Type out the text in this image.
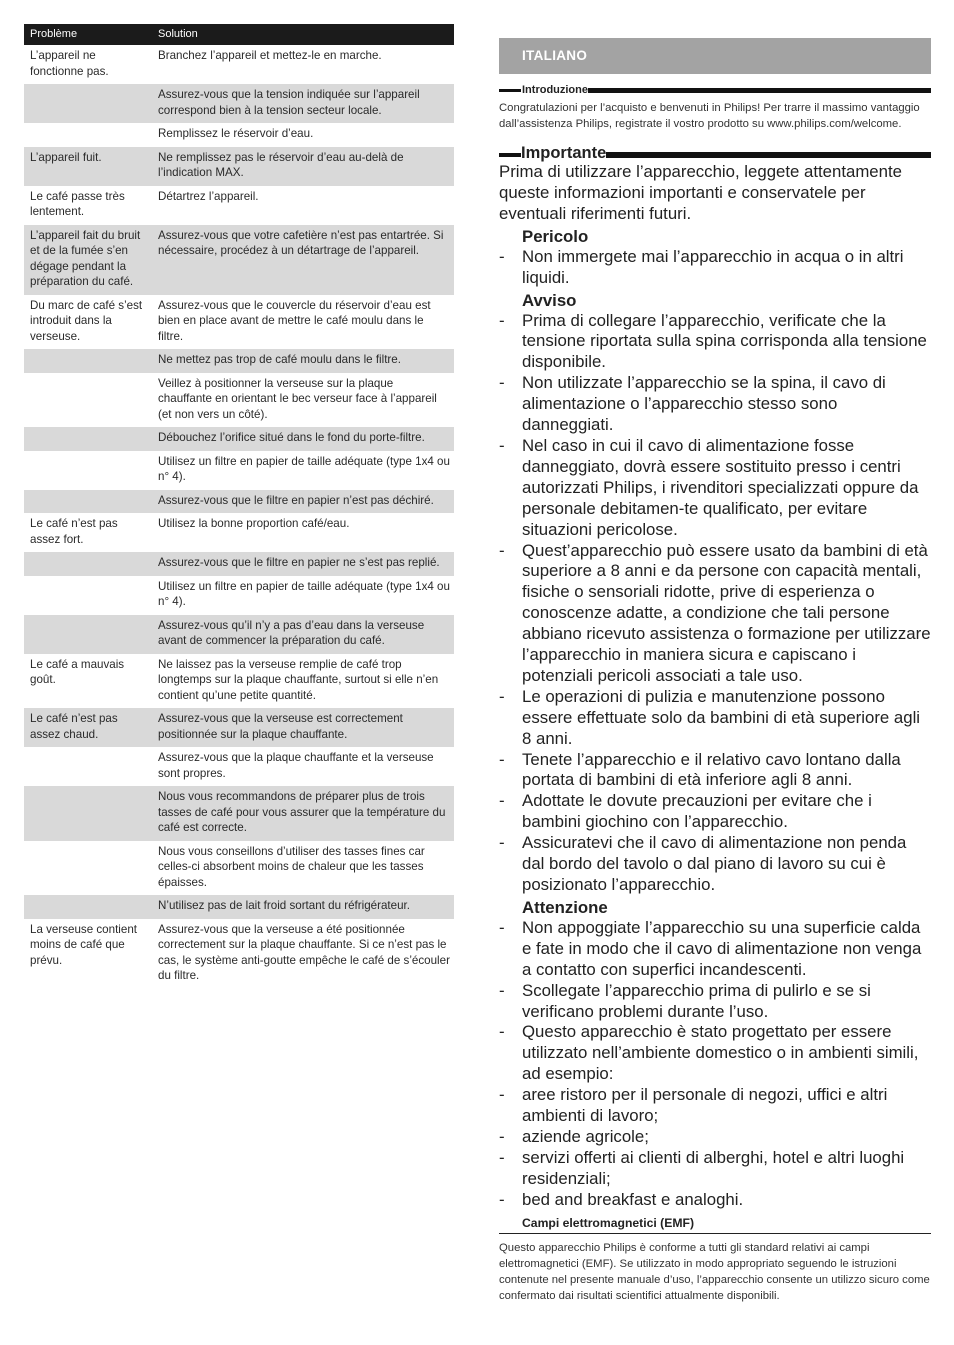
Problème	Solution
L’appareil ne fonctionne pas.	Branchez l’appareil et mettez-le en marche.
	Assurez-vous que la tension indiquée sur l’appareil correspond bien à la tension secteur locale.
	Remplissez le réservoir d’eau.
L’appareil fuit.	Ne remplissez pas le réservoir d’eau au-delà de l’indication MAX.
Le café passe très lentement.	Détartrez l’appareil.
L’appareil fait du bruit et de la fumée s’en dégage pendant la préparation du café.	Assurez-vous que votre cafetière n’est pas entartrée. Si nécessaire, procédez à un détartrage de l’appareil.
Du marc de café s’est introduit dans la verseuse.	Assurez-vous que le couvercle du réservoir d’eau est bien en place avant de mettre le café moulu dans le filtre.
	Ne mettez pas trop de café moulu dans le filtre.
	Veillez à positionner la verseuse sur la plaque chauffante en orientant le bec verseur face à l’appareil (et non vers un côté).
	Débouchez l’orifice situé dans le fond du porte-filtre.
	Utilisez un filtre en papier de taille adéquate (type 1x4 ou n° 4).
	Assurez-vous que le filtre en papier n’est pas déchiré.
Le café n’est pas assez fort.	Utilisez la bonne proportion café/eau.
	Assurez-vous que le filtre en papier ne s’est pas replié.
	Utilisez un filtre en papier de taille adéquate (type 1x4 ou n° 4).
	Assurez-vous qu’il n’y a pas d’eau dans la verseuse avant de commencer la préparation du café.
Le café a mauvais goût.	Ne laissez pas la verseuse remplie de café trop longtemps sur la plaque chauffante, surtout si elle n’en contient qu’une petite quantité.
Le café n’est pas assez chaud.	Assurez-vous que la verseuse est correctement positionnée sur la plaque chauffante.
	Assurez-vous que la plaque chauffante et la verseuse sont propres.
	Nous vous recommandons de préparer plus de trois tasses de café pour vous assurer que la température du café est correcte.
	Nous vous conseillons d’utiliser des tasses fines car celles-ci absorbent moins de chaleur que les tasses épaisses.
	N’utilisez pas de lait froid sortant du réfrigérateur.
La verseuse contient moins de café que prévu.	Assurez-vous que la verseuse a été positionnée correctement sur la plaque chauffante. Si ce n’est pas le cas, le système anti-goutte empêche le café de s’écouler du filtre.
ITALIANO
Introduzione

Congratulazioni per l’acquisto e benvenuti in Philips! Per trarre il massimo vantaggio dall’assistenza Philips, registrate il vostro prodotto su www.philips.com/welcome.

Importante

Prima di utilizzare l’apparecchio, leggete attentamente queste informazioni importanti e conservatele per eventuali riferimenti futuri.

Pericolo
- Non immergete mai l’apparecchio in acqua o in altri liquidi.
Avviso
- Prima di collegare l’apparecchio, verificate che la tensione riportata sulla spina corrisponda alla tensione disponibile.
- Non utilizzate l’apparecchio se la spina, il cavo di alimentazione o l’apparecchio stesso sono danneggiati.
- Nel caso in cui il cavo di alimentazione fosse danneggiato, dovrà essere sostituito presso i centri autorizzati Philips, i rivenditori specializzati oppure da personale debitamen-te qualificato, per evitare situazioni pericolose.
- Quest’apparecchio può essere usato da bambini di età superiore a 8 anni e da persone con capacità mentali, fisiche o sensoriali ridotte, prive di esperienza o conoscenze adatte, a condizione che tali persone abbiano ricevuto assistenza o formazione per utilizzare l’apparecchio in maniera sicura e capiscano i potenziali pericoli associati a tale uso.
- Le operazioni di pulizia e manutenzione possono essere effettuate solo da bambini di età superiore agli 8 anni.
- Tenete l’apparecchio e il relativo cavo lontano dalla portata di bambini di età inferiore agli 8 anni.
- Adottate le dovute precauzioni per evitare che i bambini giochino con l’apparecchio.
- Assicuratevi che il cavo di alimentazione non penda dal bordo del tavolo o dal piano di lavoro su cui è posizionato l’apparecchio.
Attenzione
- Non appoggiate l’apparecchio su una superficie calda e fate in modo che il cavo di alimentazione non venga a contatto con superfici incandescenti.
- Scollegate l’apparecchio prima di pulirlo e se si verificano problemi durante l’uso.
- Questo apparecchio è stato progettato per essere utilizzato nell’ambiente domestico o in ambienti simili, ad esempio:
- aree ristoro per il personale di negozi, uffici e altri ambienti di lavoro;
- aziende agricole;
- servizi offerti ai clienti di alberghi, hotel e altri luoghi residenziali;
- bed and breakfast e analoghi.
Campi elettromagnetici (EMF)

Questo apparecchio Philips è conforme a tutti gli standard relativi ai campi elettromagnetici (EMF). Se utilizzato in modo appropriato seguendo le istruzioni contenute nel presente manuale d’uso, l’apparecchio consente un utilizzo sicuro come confermato dai risultati scientifici attualmente disponibili.
